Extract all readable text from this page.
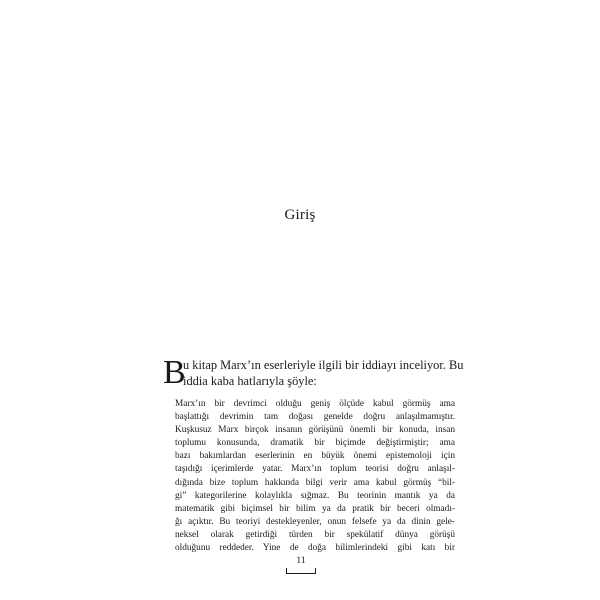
Giriş
B
u kitap Marx’ın eserleriyle ilgili bir iddiayı inceliyor. Bu
iddia kaba hatlarıyla şöyle:
Marx’ın bir devrimci olduğu geniş ölçüde kabul görmüş ama
başlattığı devrimin tam doğası genelde doğru anlaşılmamıştır.
Kuşkusuz Marx birçok insanın görüşünü önemli bir konuda, insan
toplumu konusunda, dramatik bir biçimde değiştirmiştir; ama
bazı bakımlardan eserlerinin en büyük önemi epistemoloji için
taşıdığı içerimlerde yatar. Marx’ın toplum teorisi doğru anlaşıl-
dığında bize toplum hakkında bilgi verir ama kabul görmüş “bil-
gi” kategorilerine kolaylıkla sığmaz. Bu teorinin mantık ya da
matematik gibi biçimsel bir bilim ya da pratik bir beceri olmadı-
ğı açıktır. Bu teoriyi destekleyenler, onun felsefe ya da dinin gele-
neksel olarak getirdiği türden bir spekülatif dünya görüşü
olduğunu reddeder. Yine de doğa bilimlerindeki gibi katı bir
11
